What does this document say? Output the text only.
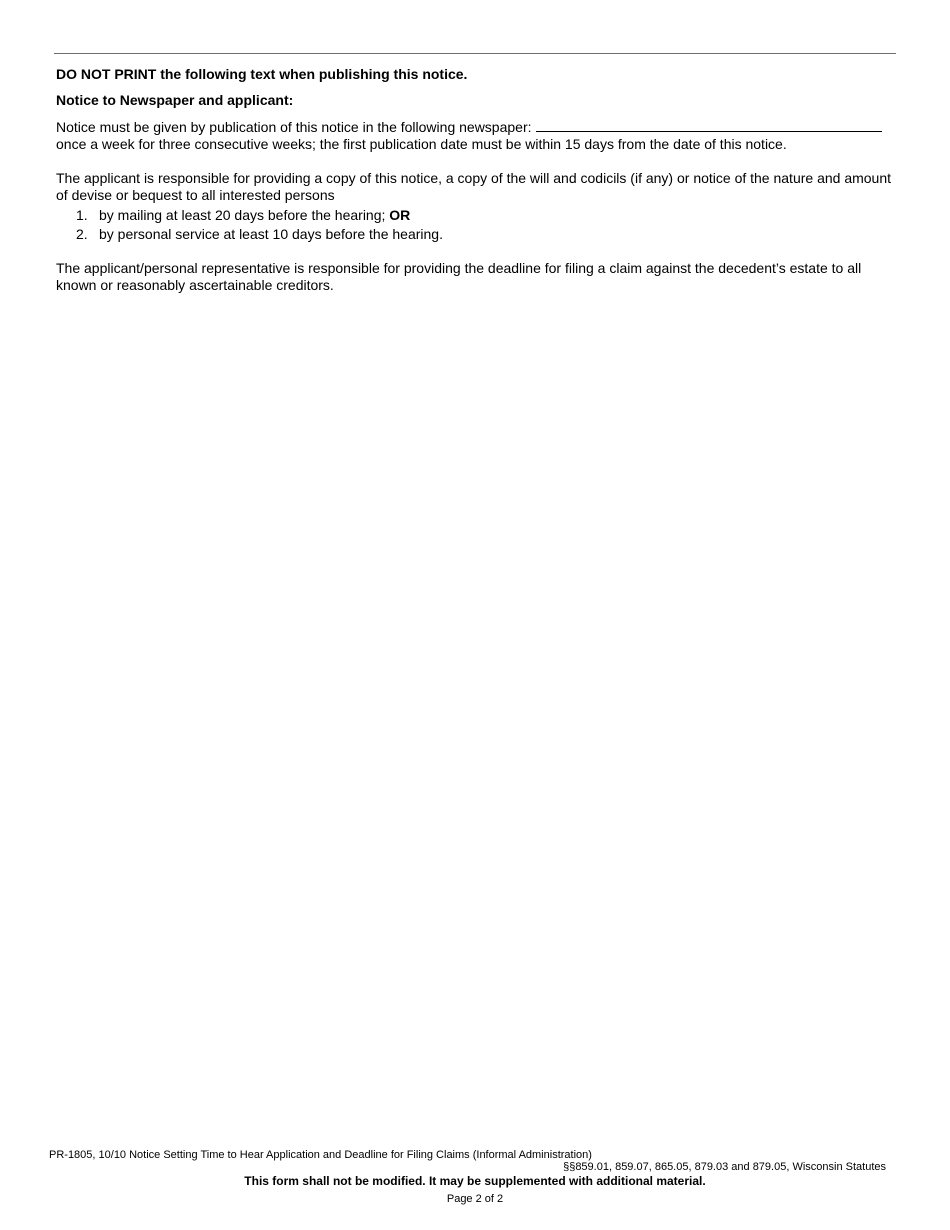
DO NOT PRINT the following text when publishing this notice.

Notice to Newspaper and applicant:

Notice must be given by publication of this notice in the following newspaper:
once a week for three consecutive weeks; the first publication date must be within 15 days from the date of this notice.

The applicant is responsible for providing a copy of this notice, a copy of the will and codicils (if any) or notice of the nature and amount of devise or bequest to all interested persons

1. by mailing at least 20 days before the hearing; OR
2. by personal service at least 10 days before the hearing.

The applicant/personal representative is responsible for providing the deadline for filing a claim against the decedent’s estate to all known or reasonably ascertainable creditors.

PR-1805, 10/10 Notice Setting Time to Hear Application and Deadline for Filing Claims (Informal Administration)
§§859.01, 859.07, 865.05, 879.03 and 879.05, Wisconsin Statutes
This form shall not be modified. It may be supplemented with additional material.
Page 2 of 2
